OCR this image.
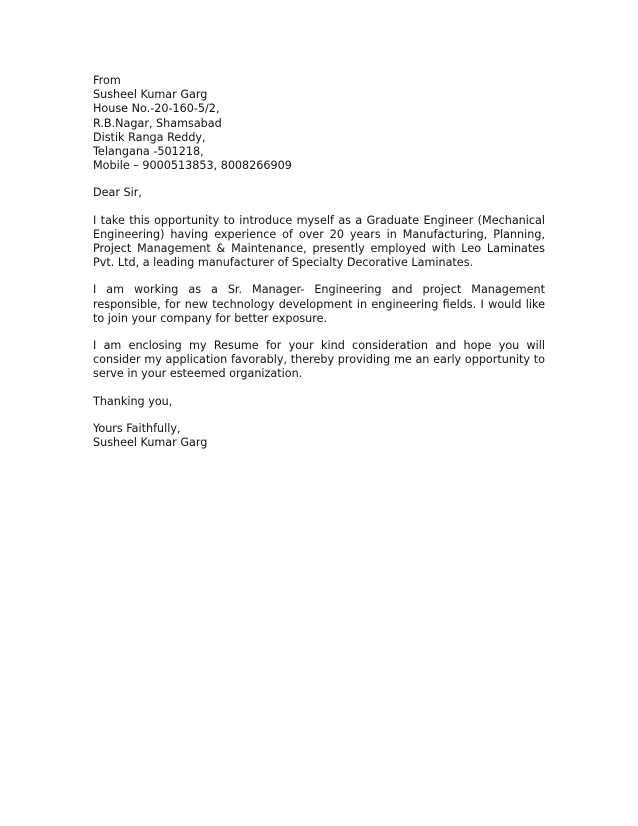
From
Susheel Kumar Garg
House No.-20-160-5/2,
R.B.Nagar, Shamsabad
Distik Ranga Reddy,
Telangana -501218,
Mobile – 9000513853, 8008266909
Dear Sir,

I take this opportunity to introduce myself as a Graduate Engineer (Mechanical Engineering) having experience of over 20 years in Manufacturing, Planning, Project Management & Maintenance, presently employed with Leo Laminates Pvt. Ltd, a leading manufacturer of Specialty Decorative Laminates.

I am working as a Sr. Manager- Engineering and project Management responsible, for new technology development in engineering fields. I would like to join your company for better exposure.

I am enclosing my Resume for your kind consideration and hope you will consider my application favorably, thereby providing me an early opportunity to serve in your esteemed organization.

Thanking you,
Yours Faithfully,
Susheel Kumar Garg
